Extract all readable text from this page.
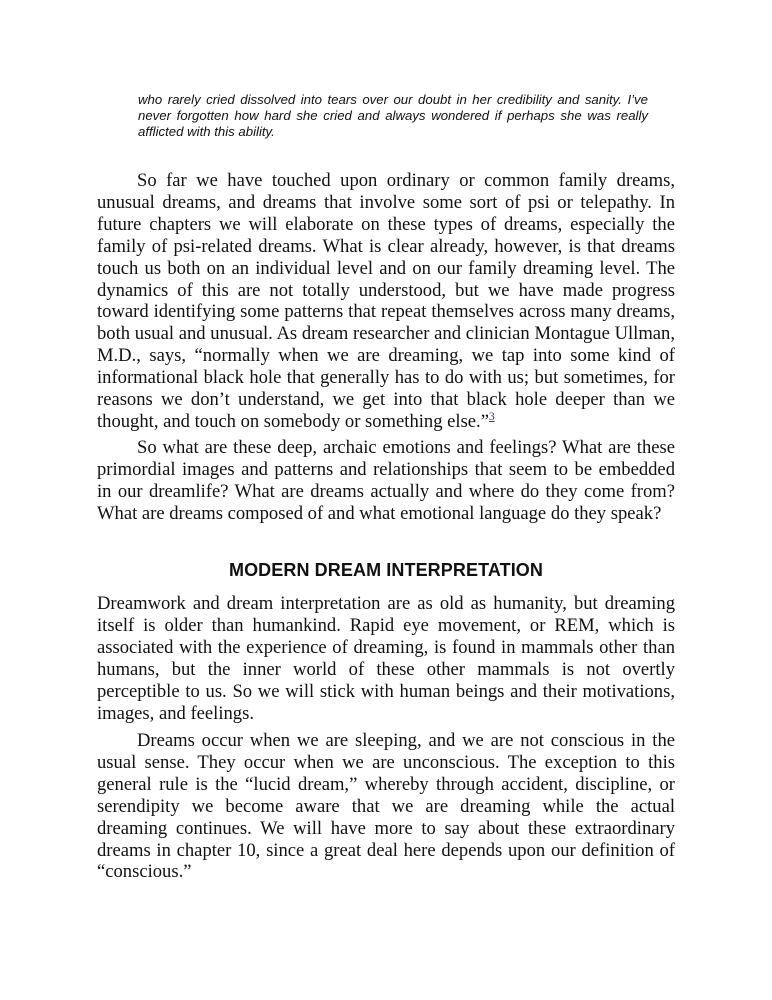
who rarely cried dissolved into tears over our doubt in her credibility and sanity. I’ve never forgotten how hard she cried and always wondered if perhaps she was really afflicted with this ability.

So far we have touched upon ordinary or common family dreams, unusual dreams, and dreams that involve some sort of psi or telepathy. In future chapters we will elaborate on these types of dreams, especially the family of psi-related dreams. What is clear already, however, is that dreams touch us both on an individual level and on our family dreaming level. The dynamics of this are not totally understood, but we have made progress toward identifying some patterns that repeat themselves across many dreams, both usual and unusual. As dream researcher and clinician Montague Ullman, M.D., says, “normally when we are dreaming, we tap into some kind of informational black hole that generally has to do with us; but sometimes, for reasons we don’t understand, we get into that black hole deeper than we thought, and touch on somebody or something else.”$^3$

So what are these deep, archaic emotions and feelings? What are these primordial images and patterns and relationships that seem to be embedded in our dreamlife? What are dreams actually and where do they come from? What are dreams composed of and what emotional language do they speak?

MODERN DREAM INTERPRETATION

Dreamwork and dream interpretation are as old as humanity, but dreaming itself is older than humankind. Rapid eye movement, or REM, which is associated with the experience of dreaming, is found in mammals other than humans, but the inner world of these other mammals is not overtly perceptible to us. So we will stick with human beings and their motivations, images, and feelings.

Dreams occur when we are sleeping, and we are not conscious in the usual sense. They occur when we are unconscious. The exception to this general rule is the “lucid dream,” whereby through accident, discipline, or serendipity we become aware that we are dreaming while the actual dreaming continues. We will have more to say about these extraordinary dreams in chapter 10, since a great deal here depends upon our definition of “conscious.”
